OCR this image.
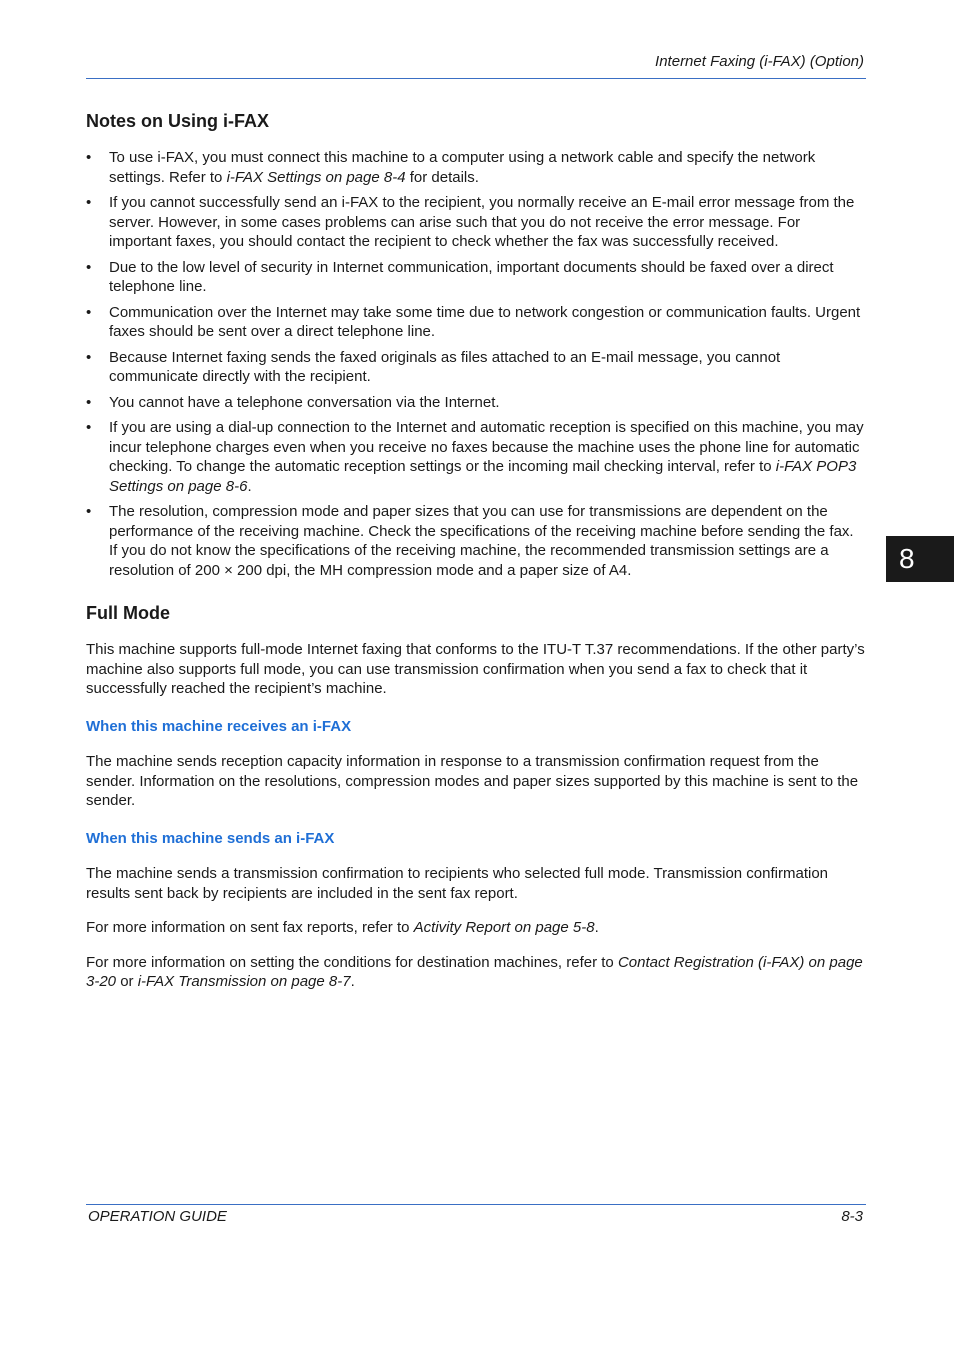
Internet Faxing (i-FAX) (Option)
Notes on Using i-FAX
• To use i-FAX, you must connect this machine to a computer using a network cable and specify the network settings. Refer to i-FAX Settings on page 8-4 for details.
• If you cannot successfully send an i-FAX to the recipient, you normally receive an E-mail error message from the server. However, in some cases problems can arise such that you do not receive the error message. For important faxes, you should contact the recipient to check whether the fax was successfully received.
• Due to the low level of security in Internet communication, important documents should be faxed over a direct telephone line.
• Communication over the Internet may take some time due to network congestion or communication faults. Urgent faxes should be sent over a direct telephone line.
• Because Internet faxing sends the faxed originals as files attached to an E-mail message, you cannot communicate directly with the recipient.
• You cannot have a telephone conversation via the Internet.
• If you are using a dial-up connection to the Internet and automatic reception is specified on this machine, you may incur telephone charges even when you receive no faxes because the machine uses the phone line for automatic checking. To change the automatic reception settings or the incoming mail checking interval, refer to i-FAX POP3 Settings on page 8-6.
• The resolution, compression mode and paper sizes that you can use for transmissions are dependent on the performance of the receiving machine. Check the specifications of the receiving machine before sending the fax. If you do not know the specifications of the receiving machine, the recommended transmission settings are a resolution of 200 × 200 dpi, the MH compression mode and a paper size of A4.
Full Mode

This machine supports full-mode Internet faxing that conforms to the ITU-T T.37 recommendations. If the other party’s machine also supports full mode, you can use transmission confirmation when you send a fax to check that it successfully reached the recipient’s machine.

When this machine receives an i-FAX

The machine sends reception capacity information in response to a transmission confirmation request from the sender. Information on the resolutions, compression modes and paper sizes supported by this machine is sent to the sender.

When this machine sends an i-FAX

The machine sends a transmission confirmation to recipients who selected full mode. Transmission confirmation results sent back by recipients are included in the sent fax report.

For more information on sent fax reports, refer to Activity Report on page 5-8.

For more information on setting the conditions for destination machines, refer to Contact Registration (i-FAX) on page 3-20 or i-FAX Transmission on page 8-7.

8
OPERATION GUIDE	8-3
